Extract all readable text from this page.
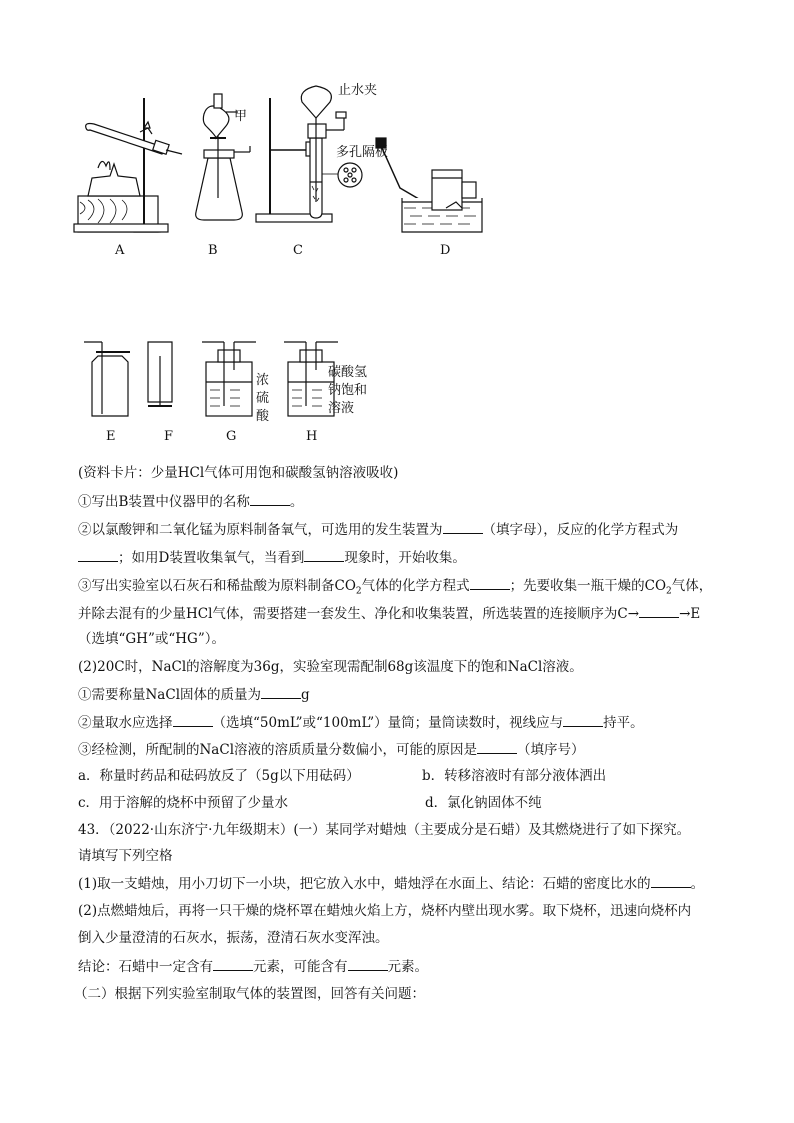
A	B	C	D
甲
止水夹
多孔隔板
E	F	G	H
浓
硫
酸
碳酸氢
钠饱和
溶液
(资料卡片：少量HCl气体可用饱和碳酸氢钠溶液吸收)
①写出B装置中仪器甲的名称	。
②以氯酸钾和二氧化锰为原料制备氧气，可选用的发生装置为	（填字母），反应的化学方程式为
；如用D装置收集氧气，当看到	现象时，开始收集。
③写出实验室以石灰石和稀盐酸为原料制备$CO_2$气体的化学方程式	；先要收集一瓶干燥的$CO_2$气体，
并除去混有的少量HCl气体，需要搭建一套发生、净化和收集装置，所选装置的连接顺序为C→	→E
（选填“GH”或“HG”）。
(2)20C时，NaCl的溶解度为36g，实验室现需配制68g该温度下的饱和NaCl溶液。
①需要称量NaCl固体的质量为	g
②量取水应选择	（选填“50mL”或“100mL”）量筒；量筒读数时，视线应与	持平。
③经检测，所配制的NaCl溶液的溶质质量分数偏小，可能的原因是	（填序号）
a．称量时药品和砝码放反了（5g以下用砝码）	b．转移溶液时有部分液体洒出
c．用于溶解的烧杯中预留了少量水	d．氯化钠固体不纯
43．（2022·山东济宁·九年级期末）(一）某同学对蜡烛（主要成分是石蜡）及其燃烧进行了如下探究。
请填写下列空格
(1)取一支蜡烛，用小刀切下一小块，把它放入水中，蜡烛浮在水面上、结论：石蜡的密度比水的	。
(2)点燃蜡烛后，再将一只干燥的烧杯罩在蜡烛火焰上方，烧杯内壁出现水雾。取下烧杯，迅速向烧杯内
倒入少量澄清的石灰水，振荡，澄清石灰水变浑浊。
结论：石蜡中一定含有	元素，可能含有	元素。
（二）根据下列实验室制取气体的装置图，回答有关问题：
